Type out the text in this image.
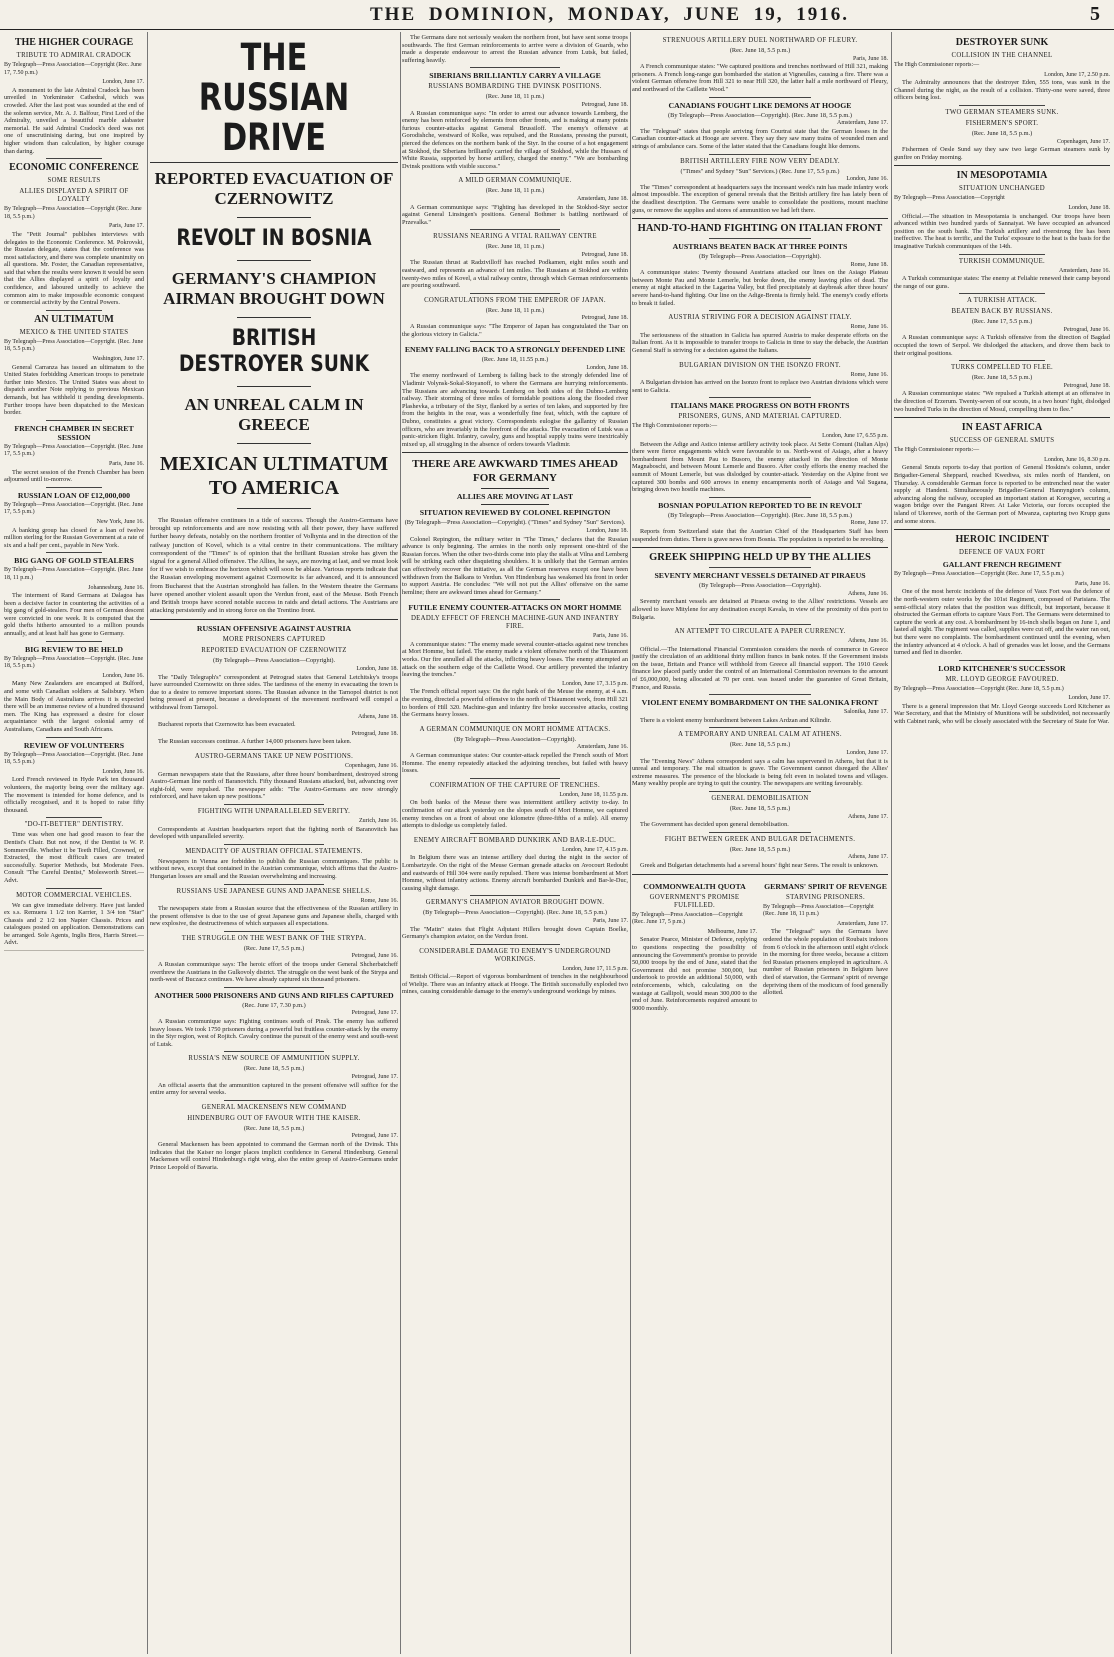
THE DOMINION, MONDAY, JUNE 19, 1916.	5
THE HIGHER COURAGE
TRIBUTE TO ADMIRAL CRADOCK
By Telegraph—Press Association—Copyright (Rec. June 17, 7.50 p.m.)
London, June 17.

A monument to the late Admiral Cradock has been unveiled in Yorkminster Cathedral, which was crowded. After the last post was sounded at the end of the solemn service, Mr. A. J. Balfour, First Lord of the Admiralty, unveiled a beautiful marble alabaster memorial. He said Admiral Cradock's deed was not one of unscrutinising daring, but one inspired by higher wisdom than calculation, by higher courage than daring.

ECONOMIC CONFERENCE
SOME RESULTS
ALLIES DISPLAYED A SPIRIT OF LOYALTY
By Telegraph—Press Association—Copyright (Rec. June 18, 5.5 p.m.)
Paris, June 17.

The "Petit Journal" publishes interviews with delegates to the Economic Conference. M. Pokrovski, the Russian delegate, states that the conference was most satisfactory, and there was complete unanimity on all questions. Mr. Foster, the Canadian representative, said that when the results were known it would be seen that the Allies displayed a spirit of loyalty and confidence, and laboured unitedly to achieve the common aim to make impossible economic conquest or commercial activity by the Central Powers.

AN ULTIMATUM
MEXICO & THE UNITED STATES
By Telegraph—Press Association—Copyright. (Rec. June 18, 5.5 p.m.)
Washington, June 17.

General Carranza has issued an ultimatum to the United States forbidding American troops to penetrate further into Mexico. The United States was about to dispatch another Note replying to previous Mexican demands, but has withheld it pending developments. Further troops have been dispatched to the Mexican border.

FRENCH CHAMBER IN SECRET SESSION
By Telegraph—Press Association—Copyright. (Rec. June 17, 5.5 p.m.)
Paris, June 16.

The secret session of the French Chamber has been adjourned until to-morrow.

RUSSIAN LOAN OF £12,000,000
By Telegraph—Press Association—Copyright. (Rec. June 17, 5.5 p.m.)
New York, June 16.

A banking group has closed for a loan of twelve million sterling for the Russian Government at a rate of six and a half per cent., payable in New York.

BIG GANG OF GOLD STEALERS
By Telegraph—Press Association—Copyright. (Rec. June 18, 11 p.m.)
Johannesburg, June 16.

The interment of Rand Germans at Dalagoa has been a decisive factor in countering the activities of a big gang of gold-stealers. Four men of German descent were convicted in one week. It is computed that the gold thefts hitherto amounted to a million pounds annually, and at least half has gone to Germany.

BIG REVIEW TO BE HELD
By Telegraph—Press Association—Copyright. (Rec. June 18, 5.5 p.m.)
London, June 16.

Many New Zealanders are encamped at Bulford, and some with Canadian soldiers at Salisbury. When the Main Body of Australians arrives it is expected there will be an immense review of a hundred thousand men. The King has expressed a desire for closer acquaintance with the largest colonial army of Australians, Canadians and South Africans.

REVIEW OF VOLUNTEERS
By Telegraph—Press Association—Copyright. (Rec. June 18, 5.5 p.m.)
London, June 16.

Lord French reviewed in Hyde Park ten thousand volunteers, the majority being over the military age. The movement is intended for home defence, and is officially recognised, and it is hoped to raise fifty thousand.

"DO-IT-BETTER" DENTISTRY.

Time was when one had good reason to fear the Dentist's Chair. But not now, if the Dentist is W. P. Sommerville. Whether it be Teeth Filled, Crowned, or Extracted, the most difficult cases are treated successfully. Superior Methods, but Moderate Fees. Consult "The Careful Dentist," Molesworth Street.—Advt.

MOTOR COMMERCIAL VEHICLES.

We can give immediate delivery. Have just landed ex s.s. Remuera 1 1/2 ton Karrier, 1 3/4 ton "Star" Chassis and 2 1/2 ton Napier Chassis. Prices and catalogues posted on application. Demonstrations can be arranged. Sole Agents, Inglis Bros, Harris Street.—Advt.

THE RUSSIAN DRIVE
REPORTED EVACUATION OF CZERNOWITZ
REVOLT IN BOSNIA
GERMANY'S CHAMPION AIRMAN BROUGHT DOWN
BRITISH DESTROYER SUNK
AN UNREAL CALM IN GREECE
MEXICAN ULTIMATUM TO AMERICA

The Russian offensive continues in a tide of success. Though the Austro-Germans have brought up reinforcements and are now resisting with all their power, they have suffered further heavy defeats, notably on the northern frontier of Volhynia and in the direction of the railway junction of Kovel, which is a vital centre in their communications. The military correspondent of the "Times" is of opinion that the brilliant Russian stroke has given the signal for a general Allied offensive. The Allies, he says, are moving at last, and we must look for if we wish to embrace the horizon which will soon be ablaze. Various reports indicate that the Russian enveloping movement against Czernowitz is far advanced, and it is announced from Bucharest that the Austrian stronghold has fallen. In the Western theatre the Germans have opened another violent assault upon the Verdun front, east of the Meuse. Both French and British troops have scored notable success in raids and detail actions. The Austrians are attacking persistently and in strong force on the Trentino front.

RUSSIAN OFFENSIVE AGAINST AUSTRIA
MORE PRISONERS CAPTURED
REPORTED EVACUATION OF CZERNOWITZ
(By Telegraph—Press Association—Copyright).
London, June 18.

The "Daily Telegraph's" correspondent at Petrograd states that General Letchitsky's troops have surrounded Czernowitz on three sides. The tardiness of the enemy in evacuating the town is due to a desire to remove important stores. The Russian advance in the Tarnopol district is not being pressed at present, because a development of the movement northward will compel a withdrawal from Tarnopol.

Athens, June 18.

Bucharest reports that Czernowitz has been evacuated.

Petrograd, June 18.

The Russian successes continue. A further 14,000 prisoners have been taken.

AUSTRO-GERMANS TAKE UP NEW POSITIONS.
Copenhagen, June 16.

German newspapers state that the Russians, after three hours' bombardment, destroyed strong Austro-German line north of Baranovitch. Fifty thousand Russians attacked, but, advancing over eight-fold, were repulsed. The newspaper adds: "The Austro-Germans are now strongly reinforced, and have taken up new positions."

FIGHTING WITH UNPARALLELED SEVERITY.
Zurich, June 16.

Correspondents at Austrian headquarters report that the fighting north of Baranovitch has developed with unparalleled severity.

MENDACITY OF AUSTRIAN OFFICIAL STATEMENTS.

Newspapers in Vienna are forbidden to publish the Russian communiques. The public is without news, except that contained in the Austrian communique, which affirms that the Austro-Hungarian losses are small and the Russian overwhelming and increasing.

RUSSIANS USE JAPANESE GUNS AND JAPANESE SHELLS.
Rome, June 16.

The newspapers state from a Russian source that the effectiveness of the Russian artillery in the present offensive is due to the use of great Japanese guns and Japanese shells, charged with new explosive, the destructiveness of which surpasses all expectations.

THE STRUGGLE ON THE WEST BANK OF THE STRYPA.
(Rec. June 17, 5.5 p.m.)
Petrograd, June 16.

A Russian communique says: The heroic effort of the troops under General Shcherbatcheff overthrew the Austrians in the Gulkovoly district. The struggle on the west bank of the Strypa and north-west of Buczacz continues. We have already captured six thousand prisoners.

ANOTHER 5000 PRISONERS AND GUNS AND RIFLES CAPTURED
(Rec. June 17, 7.30 p.m.)
Petrograd, June 17.

A Russian communique says: Fighting continues south of Pinsk. The enemy has suffered heavy losses. We took 1750 prisoners during a powerful but fruitless counter-attack by the enemy in the Styr region, west of Rojitch. Cavalry continue the pursuit of the enemy west and south-west of Lutsk.

RUSSIA'S NEW SOURCE OF AMMUNITION SUPPLY.
(Rec. June 18, 5.5 p.m.)
Petrograd, June 17.

An official asserts that the ammunition captured in the present offensive will suffice for the entire army for several weeks.

GENERAL MACKENSEN'S NEW COMMAND
HINDENBURG OUT OF FAVOUR WITH THE KAISER.
(Rec. June 18, 5.5 p.m.)
Petrograd, June 17.

General Mackensen has been appointed to command the German north of the Dvinsk. This indicates that the Kaiser no longer places implicit confidence in General Hindenburg. General Mackensen will control Hindenburg's right wing, also the entire group of Austro-Germans under Prince Leopold of Bavaria.

The Germans dare not seriously weaken the northern front, but have sent some troops southwards. The first German reinforcements to arrive were a division of Guards, who made a desperate endeavour to arrest the Russian advance from Lutsk, but failed, suffering heavily.

SIBERIANS BRILLIANTLY CARRY A VILLAGE
RUSSIANS BOMBARDING THE DVINSK POSITIONS.
(Rec. June 18, 11 p.m.)
Petrograd, June 18.

A Russian communique says: "In order to arrest our advance towards Lemberg, the enemy has been reinforced by elements from other fronts, and is making at many points furious counter-attacks against General Brussiloff. The enemy's offensive at Gorodishche, westward of Kolke, was repulsed, and the Russians, pressing the pursuit, pierced the defences on the northern bank of the Styr. In the course of a hot engagement at Stokhod, the Siberians brilliantly carried the village of Stokhod, while the Hussars of White Russia, supported by horse artillery, charged the enemy." "We are bombarding Dvinsk positions with visible success."

A MILD GERMAN COMMUNIQUE.
(Rec. June 18, 11 p.m.)
Amsterdam, June 18.

A German communique says: "Fighting has developed in the Stokhod-Styr sector against General Linsingen's positions. General Bothmer is battling northward of Przevalka."

RUSSIANS NEARING A VITAL RAILWAY CENTRE
(Rec. June 18, 11 p.m.)
Petrograd, June 18.

The Russian thrust at Radzivilloff has reached Podkamen, eight miles south and eastward, and represents an advance of ten miles. The Russians at Stokhod are within twenty-two miles of Kovel, a vital railway centre, through which German reinforcements are pouring southward.

CONGRATULATIONS FROM THE EMPEROR OF JAPAN.
(Rec. June 18, 11 p.m.)
Petrograd, June 18.

A Russian communique says: "The Emperor of Japan has congratulated the Tsar on the glorious victory in Galicia."

ENEMY FALLING BACK TO A STRONGLY DEFENDED LINE
(Rec. June 18, 11.55 p.m.)
London, June 18.

The enemy northward of Lemberg is falling back to the strongly defended line of Vladimir Volynsk-Sokal-Stoyanoff, to where the Germans are hurrying reinforcements. The Russians are advancing towards Lemberg on both sides of the Dubno-Lemberg railway. Their storming of three miles of formidable positions along the flooded river Plashevka, a tributary of the Styr, flanked by a series of ten lakes, and supported by fire from the heights in the rear, was a wonderfully fine feat, which, with the capture of Dubno, constitutes a great victory. Correspondents eulogise the gallantry of Russian officers, who are invariably in the forefront of the attacks. The evacuation of Lutsk was a panic-stricken flight. Infantry, cavalry, guns and hospital supply trains were inextricably mixed up, all struggling in the absence of orders towards Vladimir.

THERE ARE AWKWARD TIMES AHEAD FOR GERMANY
ALLIES ARE MOVING AT LAST
SITUATION REVIEWED BY COLONEL REPINGTON
(By Telegraph—Press Association—Copyright). ("Times" and Sydney "Sun" Services).
London, June 18.

Colonel Repington, the military writer in "The Times," declares that the Russian advance is only beginning. The armies in the north only represent one-third of the Russian forces. When the other two-thirds come into play the stalls at Vilna and Lemberg will be striking each other disquieting shoulders. It is unlikely that the German armies can effectively recover the initiative, as all the German reserves except one have been withdrawn from the Balkans to Verdun. Von Hindenburg has weakened his front in order to support Austria. He concludes: "We will not put the Allies' offensive on the same hemline; there are awkward times ahead for Germany."

FUTILE ENEMY COUNTER-ATTACKS ON MORT HOMME
DEADLY EFFECT OF FRENCH MACHINE-GUN AND INFANTRY FIRE.
Paris, June 16.

A communique states: "The enemy made several counter-attacks against new trenches at Mort Homme, but failed. The enemy made a violent offensive north of the Thiaumont works. Our fire annulled all the attacks, inflicting heavy losses. The enemy attempted an attack on the southern edge of the Caillette Wood. Our artillery prevented the infantry leaving the trenches."

London, June 17, 3.15 p.m.

The French official report says: On the right bank of the Meuse the enemy, at 4 a.m. the evening, directed a powerful offensive to the north of Thiaumont work, from Hill 321 to borders of Hill 320. Machine-gun and infantry fire broke successive attacks, costing the Germans heavy losses.

A GERMAN COMMUNIQUE ON MORT HOMME ATTACKS.
(By Telegraph—Press Association—Copyright).
Amsterdam, June 16.

A German communique states: Our counter-attack repelled the French south of Mort Homme. The enemy repeatedly attacked the adjoining trenches, but failed with heavy losses.

CONFIRMATION OF THE CAPTURE OF TRENCHES.
London, June 18, 11.55 p.m.

On both banks of the Meuse there was intermittent artillery activity to-day. In confirmation of our attack yesterday on the slopes south of Mort Homme, we captured enemy trenches on a front of about one kilometre (three-fifths of a mile). All enemy attempts to dislodge us completely failed.

ENEMY AIRCRAFT BOMBARD DUNKIRK AND BAR-LE-DUC.
London, June 17, 4.15 p.m.

In Belgium there was an intense artillery duel during the night in the sector of Lombartzyde. On the right of the Meuse German grenade attacks on Avocourt Redoubt and eastwards of Hill 304 were easily repulsed. There was intense bombardment at Mort Homme, without infantry actions. Enemy aircraft bombarded Dunkirk and Bar-le-Duc, causing slight damage.

GERMANY'S CHAMPION AVIATOR BROUGHT DOWN.
(By Telegraph—Press Association—Copyright). (Rec. June 18, 5.5 p.m.)
Paris, June 17.

The "Matin" states that Flight Adjutant Hillers brought down Captain Boelke, Germany's champion aviator, on the Verdun front.

CONSIDERABLE DAMAGE TO ENEMY'S UNDERGROUND WORKINGS.
London, June 17, 11.5 p.m.

British Official.—Report of vigorous bombardment of trenches in the neighbourhood of Wieltje. There was an infantry attack at Hooge. The British successfully exploded two mines, causing considerable damage to the enemy's underground workings by mines.

STRENUOUS ARTILLERY DUEL NORTHWARD OF FLEURY.
(Rec. June 18, 5.5 p.m.)
Paris, June 18.

A French communique states: "We captured positions and trenches northward of Hill 321, making prisoners. A French long-range gun bombarded the station at Vigneulles, causing a fire. There was a violent German offensive from Hill 321 to near Hill 320, the latter half a mile northward of Fleury, and northward of the Caillette Wood."

CANADIANS FOUGHT LIKE DEMONS AT HOOGE
(By Telegraph—Press Association—Copyright). (Rec. June 18, 5.5 p.m.)
Amsterdam, June 17.

The "Telegraaf" states that people arriving from Courtrai state that the German losses in the Canadian counter-attack at Hooge are severe. They say they saw many trains of wounded men and strings of ambulance cars. Some of the latter stated that the Canadians fought like demons.

BRITISH ARTILLERY FIRE NOW VERY DEADLY.
("Times" and Sydney "Sun" Services.) (Rec. June 17, 5.5 p.m.)
London, June 16.

The "Times" correspondent at headquarters says the incessant week's rain has made infantry work almost impossible. The exception of general reveals that the British artillery fire has lately been of the deadliest description. The Germans were unable to consolidate the positions, mount machine guns, or remove the supplies and stores of ammunition we had left there.

HAND-TO-HAND FIGHTING ON ITALIAN FRONT
AUSTRIANS BEATEN BACK AT THREE POINTS
(By Telegraph—Press Association—Copyright).
Rome, June 18.

A communique states: Twenty thousand Austrians attacked our lines on the Asiago Plateau between Monte Pau and Monte Lemerle, but broke down, the enemy leaving piles of dead. The enemy at night attacked in the Lagarina Valley, but fled precipitately at daybreak after three hours' severe hand-to-hand fighting. Our line on the Adige-Brenta is firmly held. The enemy's costly efforts to break it failed.

AUSTRIA STRIVING FOR A DECISION AGAINST ITALY.
Rome, June 16.

The seriousness of the situation in Galicia has spurred Austria to make desperate efforts on the Italian front. As it is impossible to transfer troops to Galicia in time to stay the debacle, the Austrian General Staff is striving for a decision against the Italians.

BULGARIAN DIVISION ON THE ISONZO FRONT.
Rome, June 16.

A Bulgarian division has arrived on the Isonzo front to replace two Austrian divisions which were sent to Galicia.

ITALIANS MAKE PROGRESS ON BOTH FRONTS
PRISONERS, GUNS, AND MATERIAL CAPTURED.
The High Commissioner reports:—
London, June 17, 6.55 p.m.

Between the Adige and Astico intense artillery activity took place. At Sette Comuni (Italian Alps) there were fierce engagements which were favourable to us. North-west of Asiago, after a heavy bombardment from Mount Pau to Busoro, the enemy attacked in the direction of Monte Magnaboschi, and between Mount Lemerle and Busoro. After costly efforts the enemy reached the summit of Mount Lemerle, but was dislodged by counter-attack. Yesterday on the Alpine front we captured 300 bombs and 600 arrows in enemy encampments north of Asiago and Val Sugana, bringing down two hostile machines.

BOSNIAN POPULATION REPORTED TO BE IN REVOLT
(By Telegraph—Press Association—Copyright). (Rec. June 18, 5.5 p.m.)
Rome, June 17.

Reports from Switzerland state that the Austrian Chief of the Headquarters Staff has been suspended from duties. There is grave news from Bosnia. The population is reported to be revolting.

GREEK SHIPPING HELD UP BY THE ALLIES
SEVENTY MERCHANT VESSELS DETAINED AT PIRAEUS
(By Telegraph—Press Association—Copyright).
Athens, June 16.

Seventy merchant vessels are detained at Piraeus owing to the Allies' restrictions. Vessels are allowed to leave Mitylene for any destination except Kavala, in view of the proximity of this port to Bulgaria.

AN ATTEMPT TO CIRCULATE A PAPER CURRENCY.
Athens, June 16.

Official.—The International Financial Commission considers the needs of commerce in Greece justify the circulation of an additional thirty million francs in bank notes. If the Government insists on the issue, Britain and France will withhold from Greece all financial support. The 1910 Greek finance law placed partly under the control of an International Commission revenues to the amount of £6,000,000, being allocated at 70 per cent. was issued under the guarantee of Great Britain, France, and Russia.

VIOLENT ENEMY BOMBARDMENT ON THE SALONIKA FRONT
Salonika, June 17.

There is a violent enemy bombardment between Lakes Ardzan and Kilindir.

A TEMPORARY AND UNREAL CALM AT ATHENS.
(Rec. June 18, 5.5 p.m.)
London, June 17.

The "Evening News" Athens correspondent says a calm has supervened in Athens, but that it is unreal and temporary. The real situation is grave. The Government cannot disregard the Allies' extreme measures. The presence of the blockade is being felt even in isolated towns and villages. Many wealthy people are trying to quit the country. The newspapers are writing favourably.

GENERAL DEMOBILISATION
(Rec. June 18, 5.5 p.m.)
Athens, June 17.

The Government has decided upon general demobilisation.

FIGHT BETWEEN GREEK AND BULGAR DETACHMENTS.
(Rec. June 18, 5.5 p.m.)
Athens, June 17.

Greek and Bulgarian detachments had a several hours' fight near Seres. The result is unknown.

COMMONWEALTH QUOTA
GOVERNMENT'S PROMISE FULFILLED.
By Telegraph—Press Association—Copyright (Rec. June 17, 5 p.m.)
Melbourne, June 17.

Senator Pearce, Minister of Defence, replying to questions respecting the possibility of announcing the Government's promise to provide 50,000 troops by the end of June, stated that the Government did not promise 300,000, but undertook to provide an additional 50,000, with reinforcements, which, calculating on the wastage at Gallipoli, would mean 300,000 to the end of June. Reinforcements required amount to 9000 monthly.

GERMANS' SPIRIT OF REVENGE
STARVING PRISONERS.
By Telegraph—Press Association—Copyright (Rec. June 18, 11 p.m.)
Amsterdam, June 17.

The "Telegraaf" says the Germans have ordered the whole population of Roubaix indoors from 6 o'clock in the afternoon until eight o'clock in the morning for three weeks, because a citizen fed Russian prisoners employed in agriculture. A number of Russian prisoners in Belgium have died of starvation, the Germans' spirit of revenge depriving them of the modicum of food generally allotted.

DESTROYER SUNK
COLLISION IN THE CHANNEL
The High Commissioner reports:—
London, June 17, 2.50 p.m.

The Admiralty announces that the destroyer Eden, 555 tons, was sunk in the Channel during the night, as the result of a collision. Thirty-one were saved, three officers being lost.

TWO GERMAN STEAMERS SUNK.
FISHERMEN'S SPORT.
(Rec. June 18, 5.5 p.m.)
Copenhagen, June 17.

Fishermen of Oesle Sund say they saw two large German steamers sunk by gunfire on Friday morning.

IN MESOPOTAMIA
SITUATION UNCHANGED
By Telegraph—Press Association—Copyright
London, June 18.

Official.—The situation in Mesopotamia is unchanged. Our troops have been advanced within two hundred yards of Sannaiyat. We have occupied an advanced position on the south bank. The Turkish artillery and riverstrong fire has been ineffective. The heat is terrific, and the Turks' exposure to the heat is the basis for the imaginative Turkish communiques of the 14th.

TURKISH COMMUNIQUE.
Amsterdam, June 16.

A Turkish communique states: The enemy at Feliahie renewed their camp beyond the range of our guns.

A TURKISH ATTACK.
BEATEN BACK BY RUSSIANS.
(Rec. June 17, 5.5 p.m.)
Petrograd, June 16.

A Russian communique says: A Turkish offensive from the direction of Bagdad occupied the town of Serpol. We dislodged the attackers, and drove them back to their original positions.

TURKS COMPELLED TO FLEE.
(Rec. June 18, 5.5 p.m.)
Petrograd, June 18.

A Russian communique states: "We repulsed a Turkish attempt at an offensive in the direction of Erzerum. Twenty-seven of our scouts, in a two hours' fight, dislodged two hundred Turks in the direction of Mosul, compelling them to flee."

IN EAST AFRICA
SUCCESS OF GENERAL SMUTS
The High Commissioner reports:—
London, June 16, 8.30 p.m.

General Smuts reports to-day that portion of General Hoskins's column, under Brigadier-General Sheppard, reached Kwediwa, six miles north of Handeni, on Thursday. A considerable German force is reported to be entrenched near the water supply at Handeni. Simultaneously Brigadier-General Hannyngton's column, advancing along the railway, occupied an important station at Korogwe, securing a wagon bridge over the Pangani River. At Lake Victoria, our forces occupied the island of Ukerewe, north of the German port of Mwanza, capturing two Krupp guns and some stores.

HEROIC INCIDENT
DEFENCE OF VAUX FORT
GALLANT FRENCH REGIMENT
By Telegraph—Press Association—Copyright (Rec. June 17, 5.5 p.m.)
Paris, June 16.

One of the most heroic incidents of the defence of Vaux Fort was the defence of the north-western outer works by the 101st Regiment, composed of Parisians. The semi-official story relates that the position was difficult, but important, because it obstructed the German efforts to capture Vaux Fort. The Germans were determined to capture the work at any cost. A bombardment by 16-inch shells began on June 1, and lasted all night. The regiment was called, supplies were cut off, and the water ran out, but there were no complaints. The bombardment continued until the evening, when the infantry advanced at 4 o'clock. A hail of grenades was let loose, and the Germans turned and fled in disorder.

LORD KITCHENER'S SUCCESSOR
MR. LLOYD GEORGE FAVOURED.
By Telegraph—Press Association—Copyright (Rec. June 18, 5.5 p.m.)
London, June 17.

There is a general impression that Mr. Lloyd George succeeds Lord Kitchener as War Secretary, and that the Ministry of Munitions will be subdivided, not necessarily with Cabinet rank, who will be closely associated with the Secretary of State for War.
